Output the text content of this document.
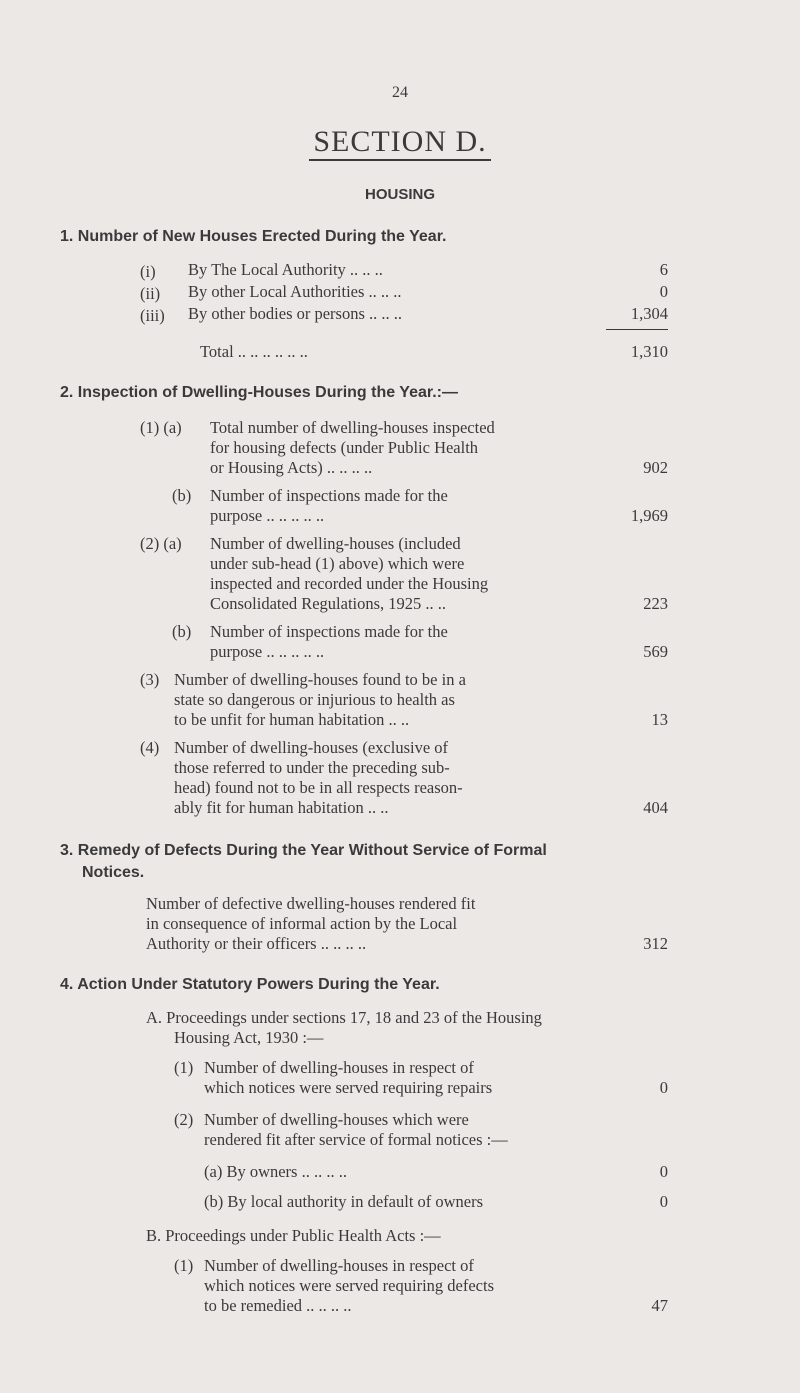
24
SECTION D.
HOUSING
1. Number of New Houses Erected During the Year.
(i) By The Local Authority .. .. ..	6
(ii) By other Local Authorities .. .. ..	0
(iii) By other bodies or persons .. .. ..	1,304
Total .. .. .. .. .. ..	1,310
2. Inspection of Dwelling-Houses During the Year.:—
(1) (a) Total number of dwelling-houses inspected
for housing defects (under Public Health
or Housing Acts) .. .. .. ..	902
(b) Number of inspections made for the
purpose .. .. .. .. ..	1,969
(2) (a) Number of dwelling-houses (included
under sub-head (1) above) which were
inspected and recorded under the Housing
Consolidated Regulations, 1925 .. ..	223
(b) Number of inspections made for the
purpose .. .. .. .. ..	569
(3) Number of dwelling-houses found to be in a
state so dangerous or injurious to health as
to be unfit for human habitation .. ..	13
(4) Number of dwelling-houses (exclusive of
those referred to under the preceding sub-
head) found not to be in all respects reason-
ably fit for human habitation .. ..	404
3. Remedy of Defects During the Year Without Service of Formal
Notices.
Number of defective dwelling-houses rendered fit
in consequence of informal action by the Local
Authority or their officers .. .. .. ..	312
4. Action Under Statutory Powers During the Year.
A. Proceedings under sections 17, 18 and 23 of the Housing
Housing Act, 1930 :—
(1) Number of dwelling-houses in respect of
which notices were served requiring repairs	0
(2) Number of dwelling-houses which were
rendered fit after service of formal notices :—
(a) By owners .. .. .. ..	0
(b) By local authority in default of owners	0
B. Proceedings under Public Health Acts :—
(1) Number of dwelling-houses in respect of
which notices were served requiring defects
to be remedied .. .. .. ..	47
